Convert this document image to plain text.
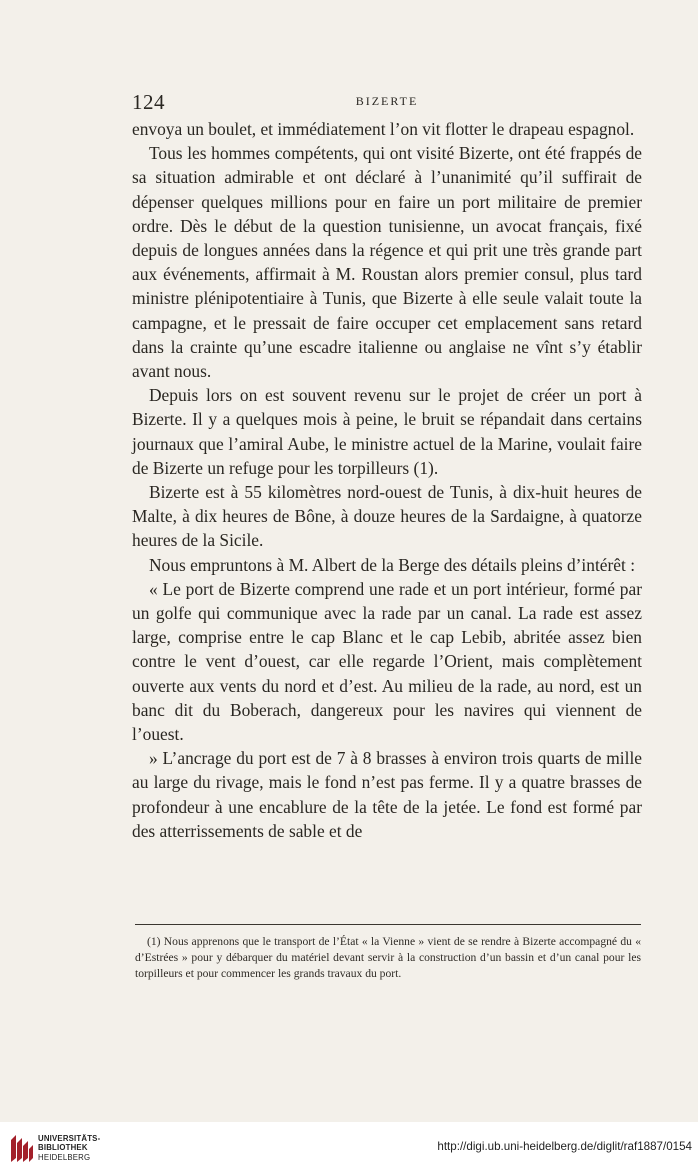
124	BIZERTE

envoya un boulet, et immédiatement l’on vit flotter le drapeau espagnol.

Tous les hommes compétents, qui ont visité Bizerte, ont été frappés de sa situation admirable et ont déclaré à l’unanimité qu’il suffirait de dépenser quelques millions pour en faire un port militaire de premier ordre. Dès le début de la question tunisienne, un avocat français, fixé depuis de longues années dans la régence et qui prit une très grande part aux événements, affirmait à M. Roustan alors premier consul, plus tard ministre plénipotentiaire à Tunis, que Bizerte à elle seule valait toute la campagne, et le pressait de faire occuper cet emplacement sans retard dans la crainte qu’une escadre italienne ou anglaise ne vînt s’y établir avant nous.

Depuis lors on est souvent revenu sur le projet de créer un port à Bizerte. Il y a quelques mois à peine, le bruit se répandait dans certains journaux que l’amiral Aube, le ministre actuel de la Marine, voulait faire de Bizerte un refuge pour les torpilleurs (1).

Bizerte est à 55 kilomètres nord-ouest de Tunis, à dix-huit heures de Malte, à dix heures de Bône, à douze heures de la Sardaigne, à quatorze heures de la Sicile.

Nous empruntons à M. Albert de la Berge des détails pleins d’intérêt :

« Le port de Bizerte comprend une rade et un port intérieur, formé par un golfe qui communique avec la rade par un canal. La rade est assez large, comprise entre le cap Blanc et le cap Lebib, abritée assez bien contre le vent d’ouest, car elle regarde l’Orient, mais complètement ouverte aux vents du nord et d’est. Au milieu de la rade, au nord, est un banc dit du Boberach, dangereux pour les navires qui viennent de l’ouest.

» L’ancrage du port est de 7 à 8 brasses à environ trois quarts de mille au large du rivage, mais le fond n’est pas ferme. Il y a quatre brasses de profondeur à une encablure de la tête de la jetée. Le fond est formé par des atterrissements de sable et de

(1) Nous apprenons que le transport de l’État « la Vienne » vient de se rendre à Bizerte accompagné du « d’Estrées » pour y débarquer du matériel devant servir à la construction d’un bassin et d’un canal pour les torpilleurs et pour commencer les grands travaux du port.

UNIVERSITÄTS-
BIBLIOTHEK
HEIDELBERG
http://digi.ub.uni-heidelberg.de/diglit/raf1887/0154
